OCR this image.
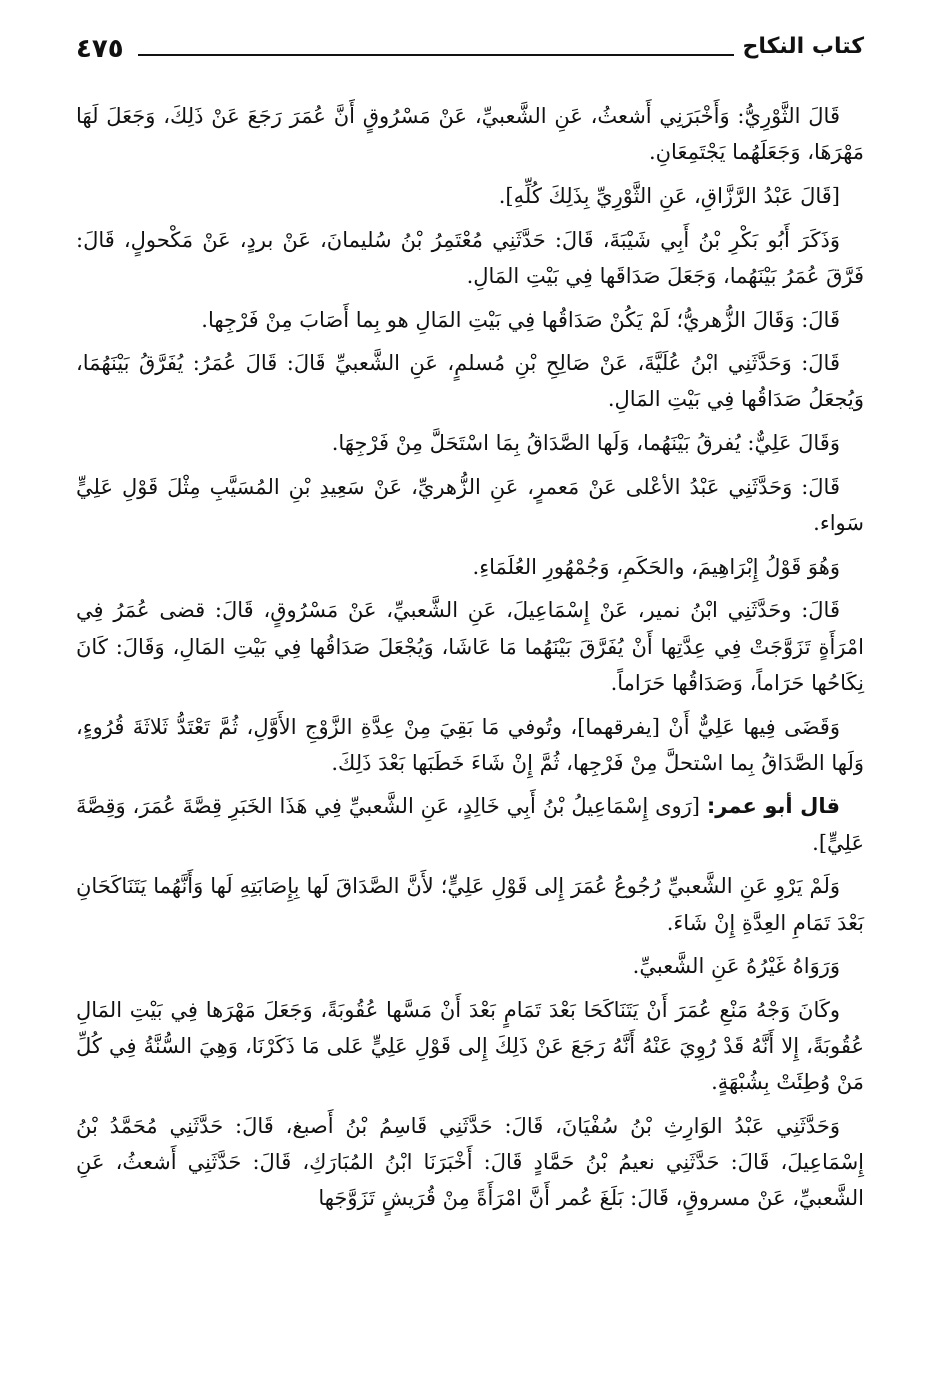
٤٧٥	كتاب النكاح

قَالَ الثَّوْرِيُّ: وَأَخْبَرَنِي أَشعثُ، عَنِ الشَّعبيِّ، عَنْ مَسْرُوقٍ أَنَّ عُمَرَ رَجَعَ عَنْ ذَلِكَ، وَجَعَلَ لَهَا مَهْرَهَا، وَجَعَلَهُما يَجْتَمِعَانِ.

[قَالَ عَبْدُ الرَّزَّاقِ، عَنِ الثَّوْرِيِّ بِذَلِكَ كُلِّهِ].

وَذَكَرَ أَبُو بَكْرِ بْنُ أَبِي شَيْبَةَ، قَالَ: حَدَّثَنِي مُعْتَمِرُ بْنُ سُليمانَ، عَنْ بردٍ، عَنْ مَكْحولٍ، قَالَ: فَرَّقَ عُمَرُ بَيْنَهُما، وَجَعَلَ صَدَاقَها فِي بَيْتِ المَالِ.

قَالَ: وَقَالَ الزُّهريُّ؛ لَمْ يَكُنْ صَدَاقُها فِي بَيْتِ المَالِ هو بِما أَصَابَ مِنْ فَرْجِها.

قَالَ: وَحَدَّثَنِي ابْنُ عُلَيَّةَ، عَنْ صَالِحِ بْنِ مُسلمٍ، عَنِ الشَّعبيِّ قَالَ: قَالَ عُمَرُ: يُفَرَّقُ بَيْنَهُمَا، وَيُجعَلُ صَدَاقُها فِي بَيْتِ المَالِ.

وَقَالَ عَلِيٌّ: يُفرقُ بَيْنَهُما، وَلَها الصَّدَاقُ بِمَا اسْتَحَلَّ مِنْ فَرْجِهَا.

قَالَ: وَحَدَّثَنِي عَبْدُ الأعْلى عَنْ مَعمرٍ، عَنِ الزُّهريِّ، عَنْ سَعِيدِ بْنِ المُسَيَّبِ مِثْلَ قَوْلِ عَلِيٍّ سَواء.

وَهُوَ قَوْلُ إِبْرَاهِيمَ، والحَكَمِ، وَجُمْهُورِ العُلَمَاءِ.

قَالَ: وحَدَّثَنِي ابْنُ نمير، عَنْ إِسْمَاعِيلَ، عَنِ الشَّعبيِّ، عَنْ مَسْرُوقٍ، قَالَ: قضى عُمَرُ فِي امْرَأَةٍ تَزَوَّجَتْ فِي عِدَّتِها أَنْ يُفَرَّقَ بَيْنَهُما مَا عَاشَا، وَيُجْعَلَ صَدَاقُها فِي بَيْتِ المَالِ، وَقَالَ: كَانَ نِكَاحُها حَرَاماً، وَصَدَاقُها حَرَاماً.

وَقَضَى فِيها عَلِيٌّ أَنْ [يفرقهما]، وتُوفي مَا بَقِيَ مِنْ عِدَّةِ الزَّوْجِ الأَوَّلِ، ثُمَّ تَعْتَدُّ ثَلاثَةَ قُرُوءٍ، وَلَها الصَّدَاقُ بِما اسْتحلَّ مِنْ فَرْجِها، ثُمَّ إِنْ شَاءَ خَطَبَها بَعْدَ ذَلِكَ.

قال أبو عمر: [رَوى إِسْمَاعِيلُ بْنُ أَبِي خَالِدٍ، عَنِ الشَّعبيِّ فِي هَذَا الخَبَرِ قِصَّةَ عُمَرَ، وَقِصَّةَ عَلِيٍّ].

وَلَمْ يَرْوِ عَنِ الشَّعبيِّ رُجُوعُ عُمَرَ إِلى قَوْلِ عَلِيٍّ؛ لأَنَّ الصَّدَاقَ لَها بِإِصَابَتِهِ لَها وَأَنَّهُما يَتَنَاكَحَانِ بَعْدَ تَمَامِ العِدَّةِ إِنْ شَاءَ.

وَرَوَاهُ غَيْرُهُ عَنِ الشَّعبيِّ.

وكَانَ وَجْهُ مَنْعِ عُمَرَ أَنْ يَتَنَاكَحَا بَعْدَ تَمَامٍ بَعْدَ أَنْ مَسَّها عُقُوبَةً، وَجَعَلَ مَهْرَها فِي بَيْتِ المَالِ عُقُوبَةً، إِلا أَنَّهُ قَدْ رُوِيَ عَنْهُ أَنَّهُ رَجَعَ عَنْ ذَلِكَ إِلى قَوْلِ عَلِيٍّ عَلى مَا ذَكَرْنَا، وَهِيَ السُّنَّةُ فِي كُلِّ مَنْ وُطِئَتْ بِشُبْهَةٍ.

وَحَدَّثَنِي عَبْدُ الوَارِثِ بْنُ سُفْيَانَ، قَالَ: حَدَّثَنِي قَاسِمُ بْنُ أَصبغ، قَالَ: حَدَّثَنِي مُحَمَّدُ بْنُ إِسْمَاعِيلَ، قَالَ: حَدَّثَنِي نعيمُ بْنُ حَمَّادٍ قَالَ: أَخْبَرَنَا ابْنُ المُبَارَكِ، قَالَ: حَدَّثَنِي أَشعثُ، عَنِ الشَّعبيِّ، عَنْ مسروقٍ، قَالَ: بَلَغَ عُمر أَنَّ امْرَأَةً مِنْ قُرَيشٍ تَزَوَّجَها
